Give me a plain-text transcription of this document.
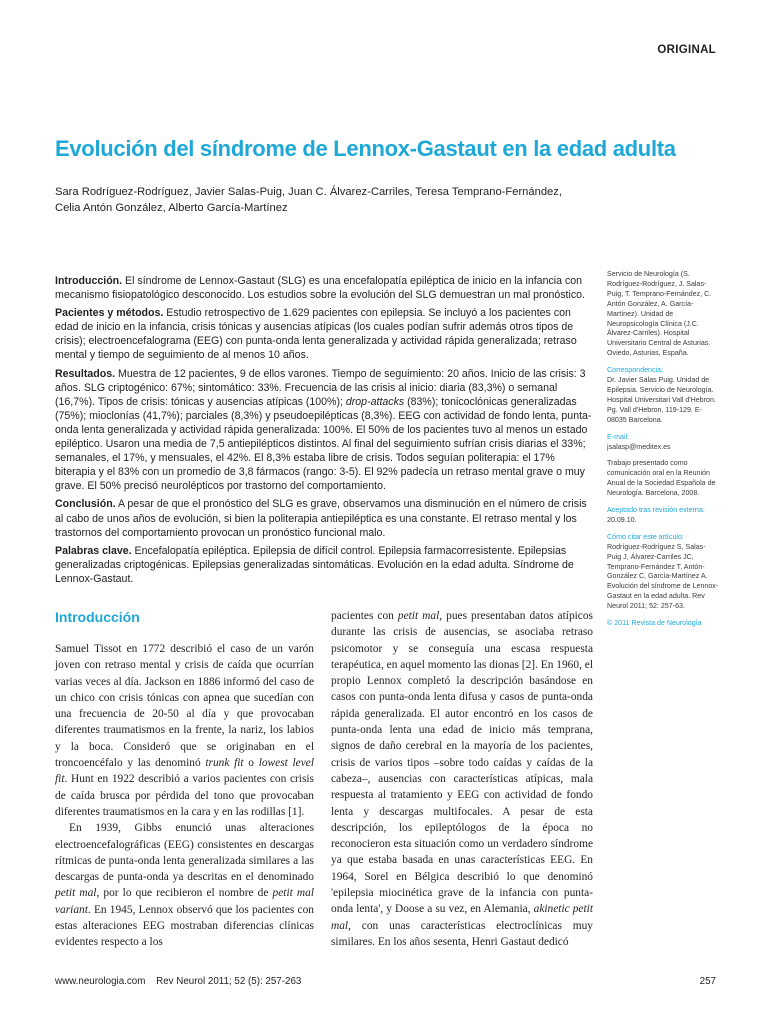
ORIGINAL
Evolución del síndrome de Lennox-Gastaut en la edad adulta
Sara Rodríguez-Rodríguez, Javier Salas-Puig, Juan C. Álvarez-Carriles, Teresa Temprano-Fernández,
Celia Antón González, Alberto García-Martínez

Introducción. El síndrome de Lennox-Gastaut (SLG) es una encefalopatía epiléptica de inicio en la infancia con mecanismo fisiopatológico desconocido. Los estudios sobre la evolución del SLG demuestran un mal pronóstico.

Pacientes y métodos. Estudio retrospectivo de 1.629 pacientes con epilepsia. Se incluyó a los pacientes con edad de inicio en la infancia, crisis tónicas y ausencias atípicas (los cuales podían sufrir además otros tipos de crisis); electroencefalograma (EEG) con punta-onda lenta generalizada y actividad rápida generalizada; retraso mental y tiempo de seguimiento de al menos 10 años.

Resultados. Muestra de 12 pacientes, 9 de ellos varones. Tiempo de seguimiento: 20 años. Inicio de las crisis: 3 años. SLG criptogénico: 67%; sintomático: 33%. Frecuencia de las crisis al inicio: diaria (83,3%) o semanal (16,7%). Tipos de crisis: tónicas y ausencias atípicas (100%); drop-attacks (83%); tonicoclónicas generalizadas (75%); mioclonías (41,7%); parciales (8,3%) y pseudoepilépticas (8,3%). EEG con actividad de fondo lenta, punta-onda lenta generalizada y actividad rápida generalizada: 100%. El 50% de los pacientes tuvo al menos un estado epiléptico. Usaron una media de 7,5 antiepilépticos distintos. Al final del seguimiento sufrían crisis diarias el 33%; semanales, el 17%, y mensuales, el 42%. El 8,3% estaba libre de crisis. Todos seguían politerapia: el 17% biterapia y el 83% con un promedio de 3,8 fármacos (rango: 3-5). El 92% padecía un retraso mental grave o muy grave. El 50% precisó neurolépticos por trastorno del comportamiento.

Conclusión. A pesar de que el pronóstico del SLG es grave, observamos una disminución en el número de crisis al cabo de unos años de evolución, si bien la politerapia antiepiléptica es una constante. El retraso mental y los trastornos del comportamiento provocan un pronóstico funcional malo.

Palabras clave. Encefalopatía epiléptica. Epilepsia de difícil control. Epilepsia farmacorresistente. Epilepsias generalizadas criptogénicas. Epilepsias generalizadas sintomáticas. Evolución en la edad adulta. Síndrome de Lennox-Gastaut.

Servicio de Neurología (S. Rodríguez-Rodríguez, J. Salas-Puig, T. Temprano-Fernández, C. Antón González, A. García-Martínez). Unidad de Neuropsicología Clínica (J.C. Álvarez-Carriles). Hospital Universitario Central de Asturias. Oviedo, Asturias, España.

Correspondencia:
Dr. Javier Salas Puig. Unidad de Epilepsia. Servicio de Neurología. Hospital Universitari Vall d'Hebron. Pg. Vall d'Hebron, 119-129. E-08035 Barcelona.

E-mail:
jsalasp@meditex.es

Trabajo presentado como comunicación oral en la Reunión Anual de la Sociedad Española de Neurología. Barcelona, 2008.

Aceptado tras revisión externa:
20.09.10.

Cómo citar este artículo:
Rodríguez-Rodríguez S, Salas-Puig J, Álvarez-Carriles JC, Temprano-Fernández T, Antón-González C, García-Martínez A. Evolución del síndrome de Lennox-Gastaut en la edad adulta. Rev Neurol 2011; 52: 257-63.

© 2011 Revista de Neurología

Introducción

Samuel Tissot en 1772 describió el caso de un varón joven con retraso mental y crisis de caída que ocurrían varias veces al día. Jackson en 1886 informó del caso de un chico con crisis tónicas con apnea que sucedían con una frecuencia de 20-50 al día y que provocaban diferentes traumatismos en la frente, la nariz, los labios y la boca. Consideró que se originaban en el troncoencéfalo y las denominó trunk fit o lowest level fit. Hunt en 1922 describió a varios pacientes con crisis de caída brusca por pérdida del tono que provocaban diferentes traumatismos en la cara y en las rodillas [1].

En 1939, Gibbs enunció unas alteraciones electroencefalográficas (EEG) consistentes en descargas rítmicas de punta-onda lenta generalizada similares a las descargas de punta-onda ya descritas en el denominado petit mal, por lo que recibieron el nombre de petit mal variant. En 1945, Lennox observó que los pacientes con estas alteraciones EEG mostraban diferencias clínicas evidentes respecto a los

pacientes con petit mal, pues presentaban datos atípicos durante las crisis de ausencias, se asociaba retraso psicomotor y se conseguía una escasa respuesta terapéutica, en aquel momento las dionas [2]. En 1960, el propio Lennox completó la descripción basándose en casos con punta-onda lenta difusa y casos de punta-onda rápida generalizada. El autor encontró en los casos de punta-onda lenta una edad de inicio más temprana, signos de daño cerebral en la mayoría de los pacientes, crisis de varios tipos –sobre todo caídas y caídas de la cabeza–, ausencias con características atípicas, mala respuesta al tratamiento y EEG con actividad de fondo lenta y descargas multifocales. A pesar de esta descripción, los epileptólogos de la época no reconocieron esta situación como un verdadero síndrome ya que estaba basada en unas características EEG. En 1964, Sorel en Bélgica describió lo que denominó 'epilepsia miocinética grave de la infancia con punta-onda lenta', y Doose a su vez, en Alemania, akinetic petit mal, con unas características electroclínicas muy similares. En los años sesenta, Henri Gastaut dedicó

www.neurologia.com Rev Neurol 2011; 52 (5): 257-263	257
